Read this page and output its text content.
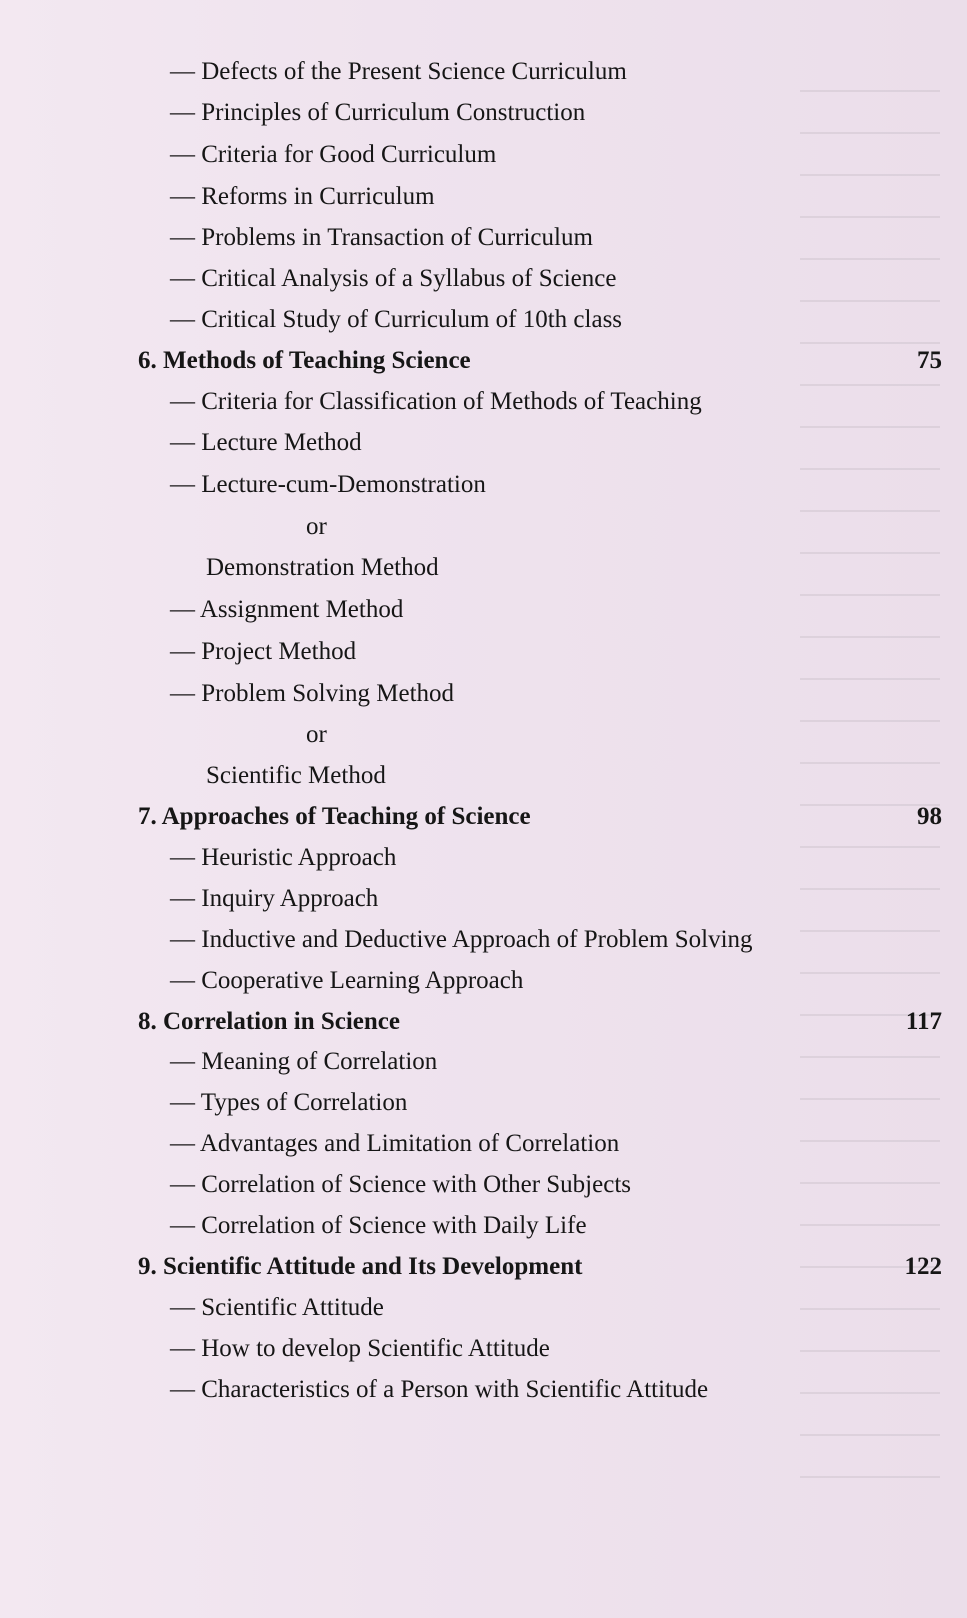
— Defects of the Present Science Curriculum
— Principles of Curriculum Construction
— Criteria for Good Curriculum
— Reforms in Curriculum
— Problems in Transaction of Curriculum
— Critical Analysis of a Syllabus of Science
— Critical Study of Curriculum of 10th class
6. Methods of Teaching Science	75
— Criteria for Classification of Methods of Teaching
— Lecture Method
— Lecture-cum-Demonstration
or
Demonstration Method
— Assignment Method
— Project Method
— Problem Solving Method
or
Scientific Method
7. Approaches of Teaching of Science	98
— Heuristic Approach
— Inquiry Approach
— Inductive and Deductive Approach of Problem Solving
— Cooperative Learning Approach
8. Correlation in Science	117
— Meaning of Correlation
— Types of Correlation
— Advantages and Limitation of Correlation
— Correlation of Science with Other Subjects
— Correlation of Science with Daily Life
9. Scientific Attitude and Its Development	122
— Scientific Attitude
— How to develop Scientific Attitude
— Characteristics of a Person with Scientific Attitude
